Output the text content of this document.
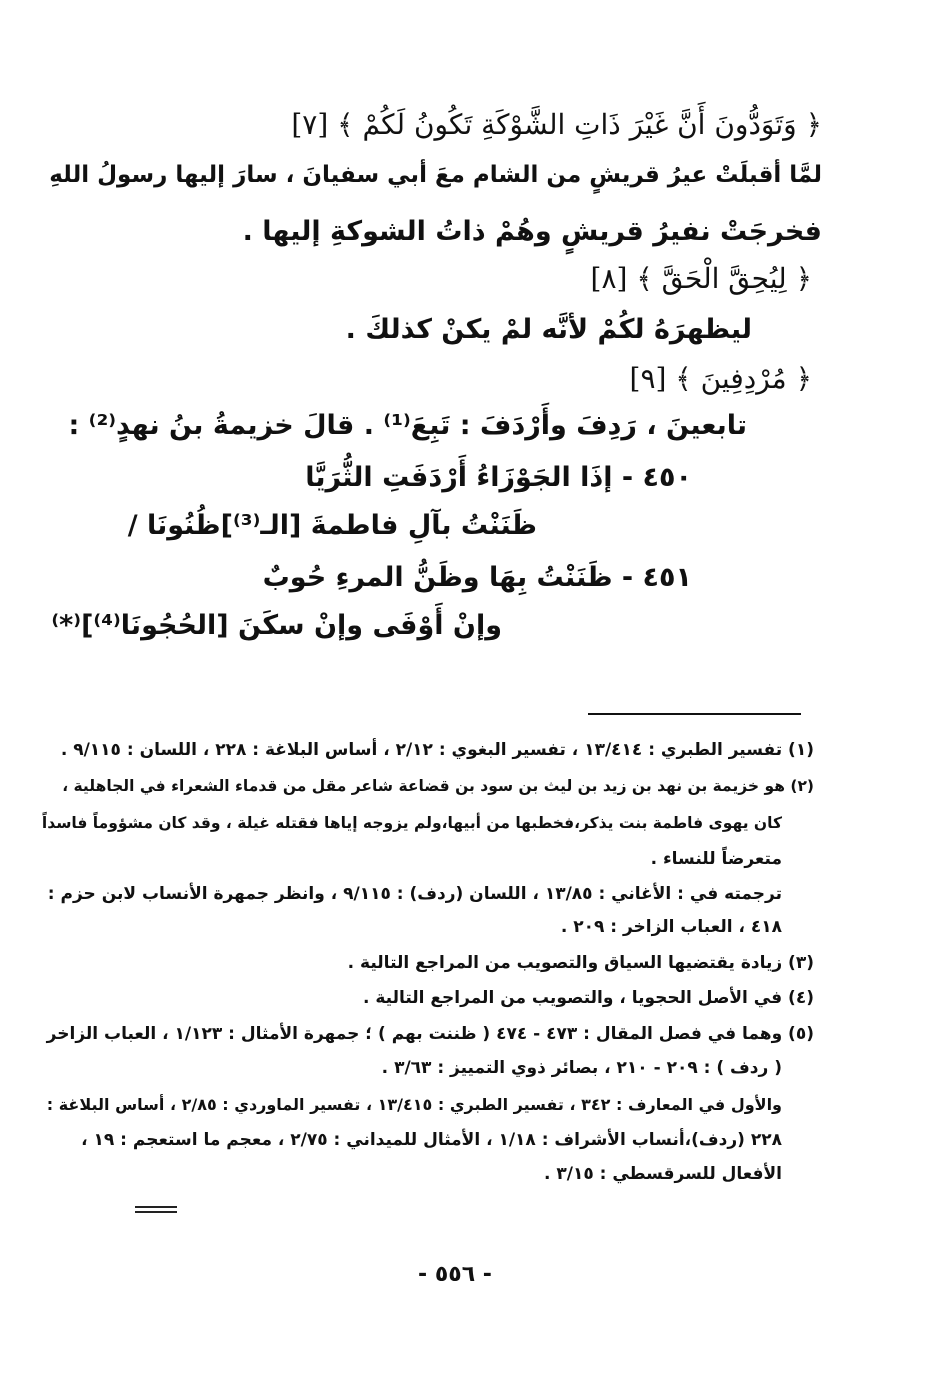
﴿ وَتَوَدُّونَ أَنَّ غَيْرَ ذَاتِ الشَّوْكَةِ تَكُونُ لَكُمْ ﴾ [٧]
لمَّا أقبلَتْ عيرُ قريشٍ من الشام معَ أبي سفيانَ ، سارَ إليها رسولُ اللهِ
فخرجَتْ نفيرُ قريشٍ وهُمْ ذاتُ الشوكةِ إليها .
﴿ لِيُحِقَّ الْحَقَّ ﴾ [٨]
ليظهرَهُ لكُمْ لأنَّه لمْ يكنْ كذلكَ .
﴿ مُرْدِفِينَ ﴾ [٩]
تابعينَ ، رَدِفَ وأَرْدَفَ : تَبِعَ⁽¹⁾ . قالَ خزيمةُ بنُ نهدٍ⁽²⁾ :
٤٥٠ - إذَا الجَوْزَاءُ أَرْدَفَتِ الثُّرَيَّا
ظَنَنْتُ بآلِ فاطمةَ [الـ⁽³⁾]ظُنُونَا /
٤٥١ - ظَنَنْتُ بِهَا وظَنُّ المرءِ حُوبٌ
وإنْ أَوْفَى وإنْ سكَنَ [الحُجُونَا⁽⁴⁾]⁽*⁾
(١) تفسير الطبري : ١٣/٤١٤ ، تفسير البغوي : ٢/١٢ ، أساس البلاغة : ٢٢٨ ، اللسان : ٩/١١٥ .
(٢) هو خزيمة بن نهد بن زيد بن ليث بن سود بن قضاعة شاعر مقل من قدماء الشعراء في الجاهلية ،
كان يهوى فاطمة بنت يذكر،فخطبها من أبيها،ولم يزوجه إياها فقتله غيلة ، وقد كان مشؤوماً فاسداً
متعرضاً للنساء .
ترجمته في : الأغاني : ١٣/٨٥ ، اللسان (ردف) : ٩/١١٥ ، وانظر جمهرة الأنساب لابن حزم :
٤١٨ ، العباب الزاخر : ٢٠٩ .
(٣) زيادة يقتضيها السياق والتصويب من المراجع التالية .
(٤) في الأصل الحجويا ، والتصويب من المراجع التالية .
(٥) وهما في فصل المقال : ٤٧٣ - ٤٧٤ ( ظننت بهم ) ؛ جمهرة الأمثال : ١/١٢٣ ، العباب الزاخر
( ردف ) : ٢٠٩ - ٢١٠ ، بصائر ذوي التمييز : ٣/٦٣ .
والأول في المعارف : ٣٤٢ ، تفسير الطبري : ١٣/٤١٥ ، تفسير الماوردي : ٢/٨٥ ، أساس البلاغة :
٢٢٨ (ردف)،أنساب الأشراف : ١/١٨ ، الأمثال للميداني : ٢/٧٥ ، معجم ما استعجم : ١٩ ،
الأفعال للسرقسطي : ٣/١٥ .
- ٥٥٦ -
